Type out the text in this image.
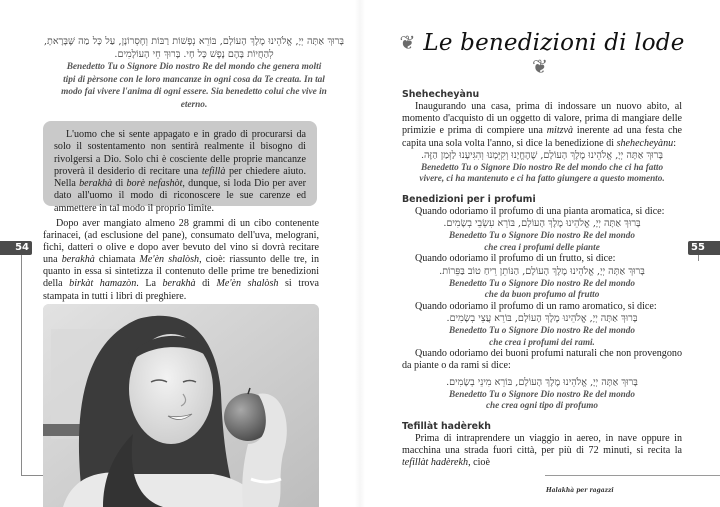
בָּרוּךְ אַתָּה יְיָ, אֱלֹהֵינוּ מֶלֶךְ הָעוֹלָם, בּוֹרֵא נְפָשׁוֹת רַבּוֹת וְחֶסְרוֹנָן, עַל כָּל מַה שֶּׁבָּרָאתָ, לְהַחֲיוֹת בָּהֶם נֶפֶשׁ כָּל חָי. בָּרוּךְ חֵי הָעוֹלָמִים.
Benedetto Tu o Signore Dio nostro Re del mondo che genera molti tipi di pèrsone con le loro mancanze in ogni cosa da Te creata. In tal modo fai vivere l'anima di ogni essere. Sia benedetto colui che vive in eterno.

L'uomo che si sente appagato e in grado di procurarsi da solo il sostentamento non sentirà realmente il bisogno di rivolgersi a Dio. Solo chi è cosciente delle proprie mancanze proverà il desiderio di recitare una tefillà per chiedere aiuto. Nella berakhà di borè nefashòt, dunque, si loda Dio per aver dato all'uomo il modo di riconoscere le sue carenze ed ammettere in tal modo il proprio limite.

Dopo aver mangiato almeno 28 grammi di un cibo contenente farinacei, (ad esclusione del pane), consumato dell'uva, melograni, fichi, datteri o olive e dopo aver bevuto del vino si dovrà recitare una berakhà chiamata Me'èn shalòsh, cioè: riassunto delle tre, in quanto in essa si sintetizza il contenuto delle prime tre benedizioni della birkàt hamazòn. La berakhà di Me'èn shalòsh si trova stampata in tutti i libri di preghiere.

54	55
❦ Le benedizioni di lode ❦
Shehecheyànu

Inaugurando una casa, prima di indossare un nuovo abito, al momento d'acquisto di un oggetto di valore, prima di mangiare delle primizie e prima di compiere una mitzvà inerente ad una festa che capita una sola volta l'anno, si dice la benedizione di shehecheyànu:

בָּרוּךְ אַתָּה יְיָ, אֱלֹהֵינוּ מֶלֶךְ הָעוֹלָם, שֶׁהֶחֱיָנוּ וְקִיְּמָנוּ וְהִגִּיעָנוּ לַזְּמַן הַזֶּה.
Benedetto Tu o Signore Dio nostro Re del mondo che ci ha fatto
vivere, ci ha mantenuto e ci ha fatto giungere a questo momento.
Benedizioni per i profumi

Quando odoriamo il profumo di una pianta aromatica, si dice:

בָּרוּךְ אַתָּה יְיָ, אֱלֹהֵינוּ מֶלֶךְ הָעוֹלָם, בּוֹרֵא עִשְׂבֵי בְשָׂמִים.
Benedetto Tu o Signore Dio nostro Re del mondo
che crea i profumi delle piante

Quando odoriamo il profumo di un frutto, si dice:

בָּרוּךְ אַתָּה יְיָ, אֱלֹהֵינוּ מֶלֶךְ הָעוֹלָם, הַנּוֹתֵן רֵיחַ טוֹב בַּפֵּרוֹת.
Benedetto Tu o Signore Dio nostro Re del mondo
che da buon profumo al frutto

Quando odoriamo il profumo di un ramo aromatico, si dice:

בָּרוּךְ אַתָּה יְיָ, אֱלֹהֵינוּ מֶלֶךְ הָעוֹלָם, בּוֹרֵא עֲצֵי בְשָׂמִים.
Benedetto Tu o Signore Dio nostro Re del mondo
che crea i profumi dei rami.

Quando odoriamo dei buoni profumi naturali che non provengono da piante o da rami si dice:

בָּרוּךְ אַתָּה יְיָ, אֱלֹהֵינוּ מֶלֶךְ הָעוֹלָם, בּוֹרֵא מִינֵי בְשָׂמִים.
Benedetto Tu o Signore Dio nostro Re del mondo
che crea ogni tipo di profumo
Tefillàt hadèrekh

Prima di intraprendere un viaggio in aereo, in nave oppure in macchina una strada fuori città, per più di 72 minuti, si recita la tefillàt hadèrekh, cioè

Halakhà per ragazzi
